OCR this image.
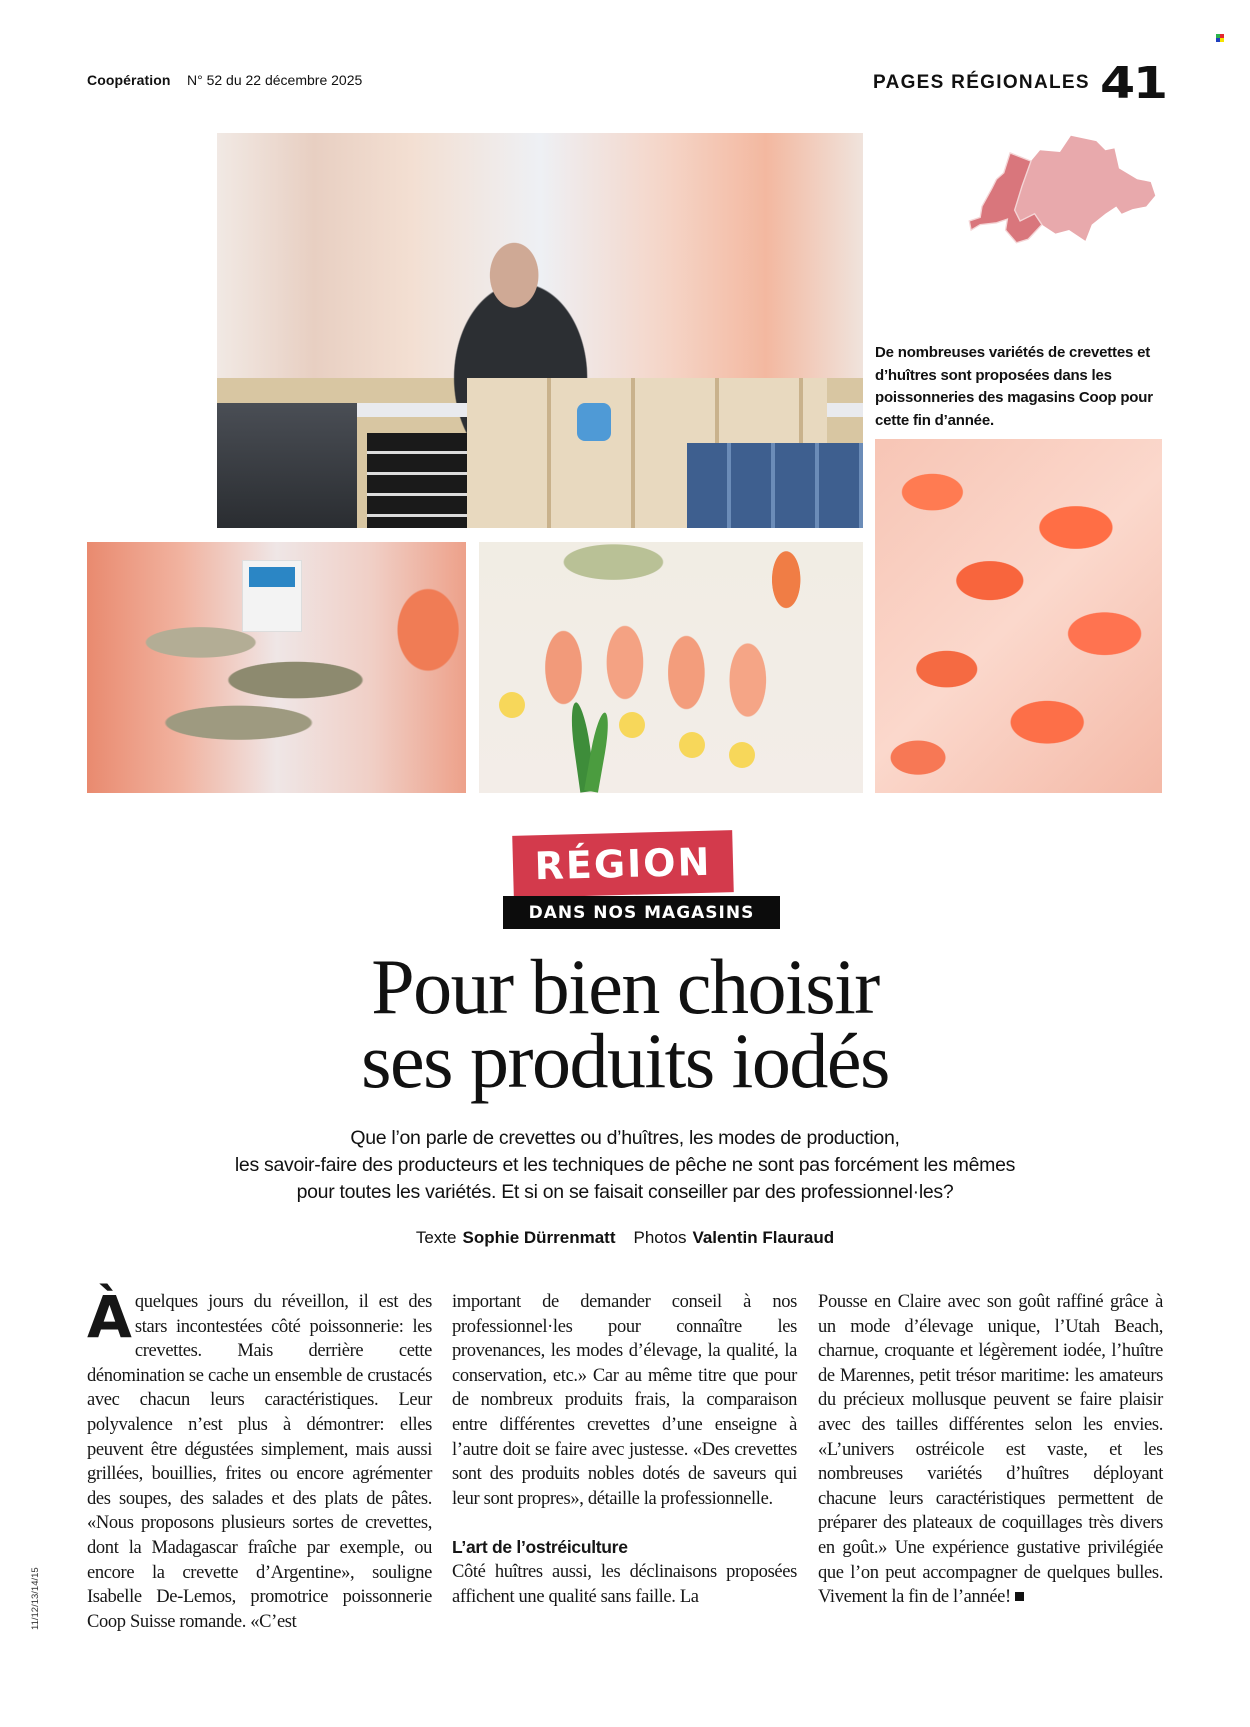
Coopération N° 52 du 22 décembre 2025	PAGES RÉGIONALES 41
De nombreuses variétés de crevettes et d’huîtres sont proposées dans les poissonneries des magasins Coop pour cette fin d’année.
RÉGION
DANS NOS MAGASINS
Pour bien choisir
ses produits iodés
Que l’on parle de crevettes ou d’huîtres, les modes de production,
les savoir-faire des producteurs et les techniques de pêche ne sont pas forcément les mêmes
pour toutes les variétés. Et si on se faisait conseiller par des professionnel·les?
Texte Sophie Dürrenmatt Photos Valentin Flauraud
Àquelques jours du réveillon, il est des stars incontestées côté poissonnerie: les crevettes. Mais derrière cette dénomination se cache un ensemble de crustacés avec chacun leurs caractéristiques. Leur polyvalence n’est plus à démontrer: elles peuvent être dégustées simplement, mais aussi grillées, bouillies, frites ou encore agrémenter des soupes, des salades et des plats de pâtes. «Nous proposons plusieurs sortes de crevettes, dont la Madagascar fraîche par exemple, ou encore la crevette d’Argentine», souligne Isabelle De-Lemos, promotrice poissonnerie Coop Suisse romande. «C’est

important de demander conseil à nos professionnel·les pour connaître les provenances, les modes d’élevage, la qualité, la conservation, etc.» Car au même titre que pour de nombreux produits frais, la comparaison entre différentes crevettes d’une enseigne à l’autre doit se faire avec justesse. «Des crevettes sont des produits nobles dotés de saveurs qui leur sont propres», détaille la professionnelle.

L’art de l’ostréiculture

Côté huîtres aussi, les déclinaisons proposées affichent une qualité sans faille. La

Pousse en Claire avec son goût raffiné grâce à un mode d’élevage unique, l’Utah Beach, charnue, croquante et légèrement iodée, l’huître de Marennes, petit trésor maritime: les amateurs du précieux mollusque peuvent se faire plaisir avec des tailles différentes selon les envies. «L’univers ostréicole est vaste, et les nombreuses variétés d’huîtres déployant chacune leurs caractéristiques permettent de préparer des plateaux de coquillages très divers en goût.» Une expérience gustative privilégiée que l’on peut accompagner de quelques bulles. Vivement la fin de l’année!
11/12/13/14/15
